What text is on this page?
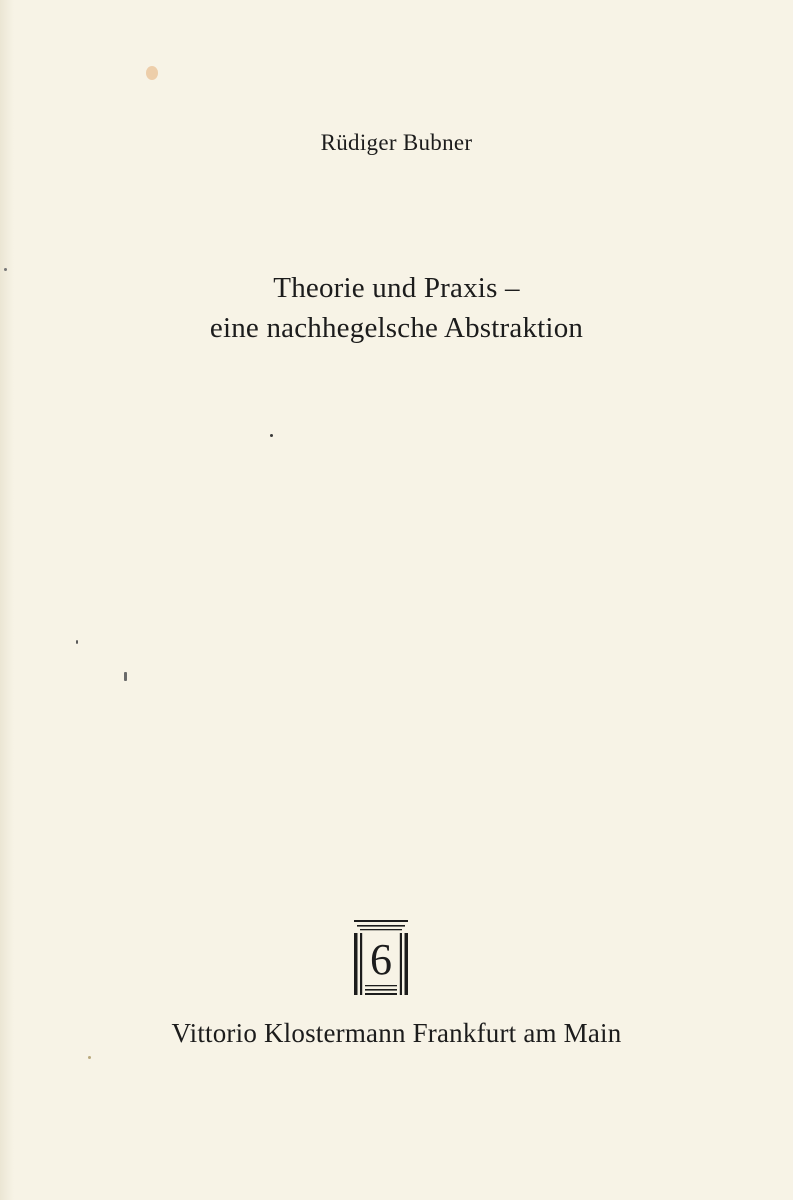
Rüdiger Bubner
Theorie und Praxis –
eine nachhegelsche Abstraktion
6
Vittorio Klostermann Frankfurt am Main
